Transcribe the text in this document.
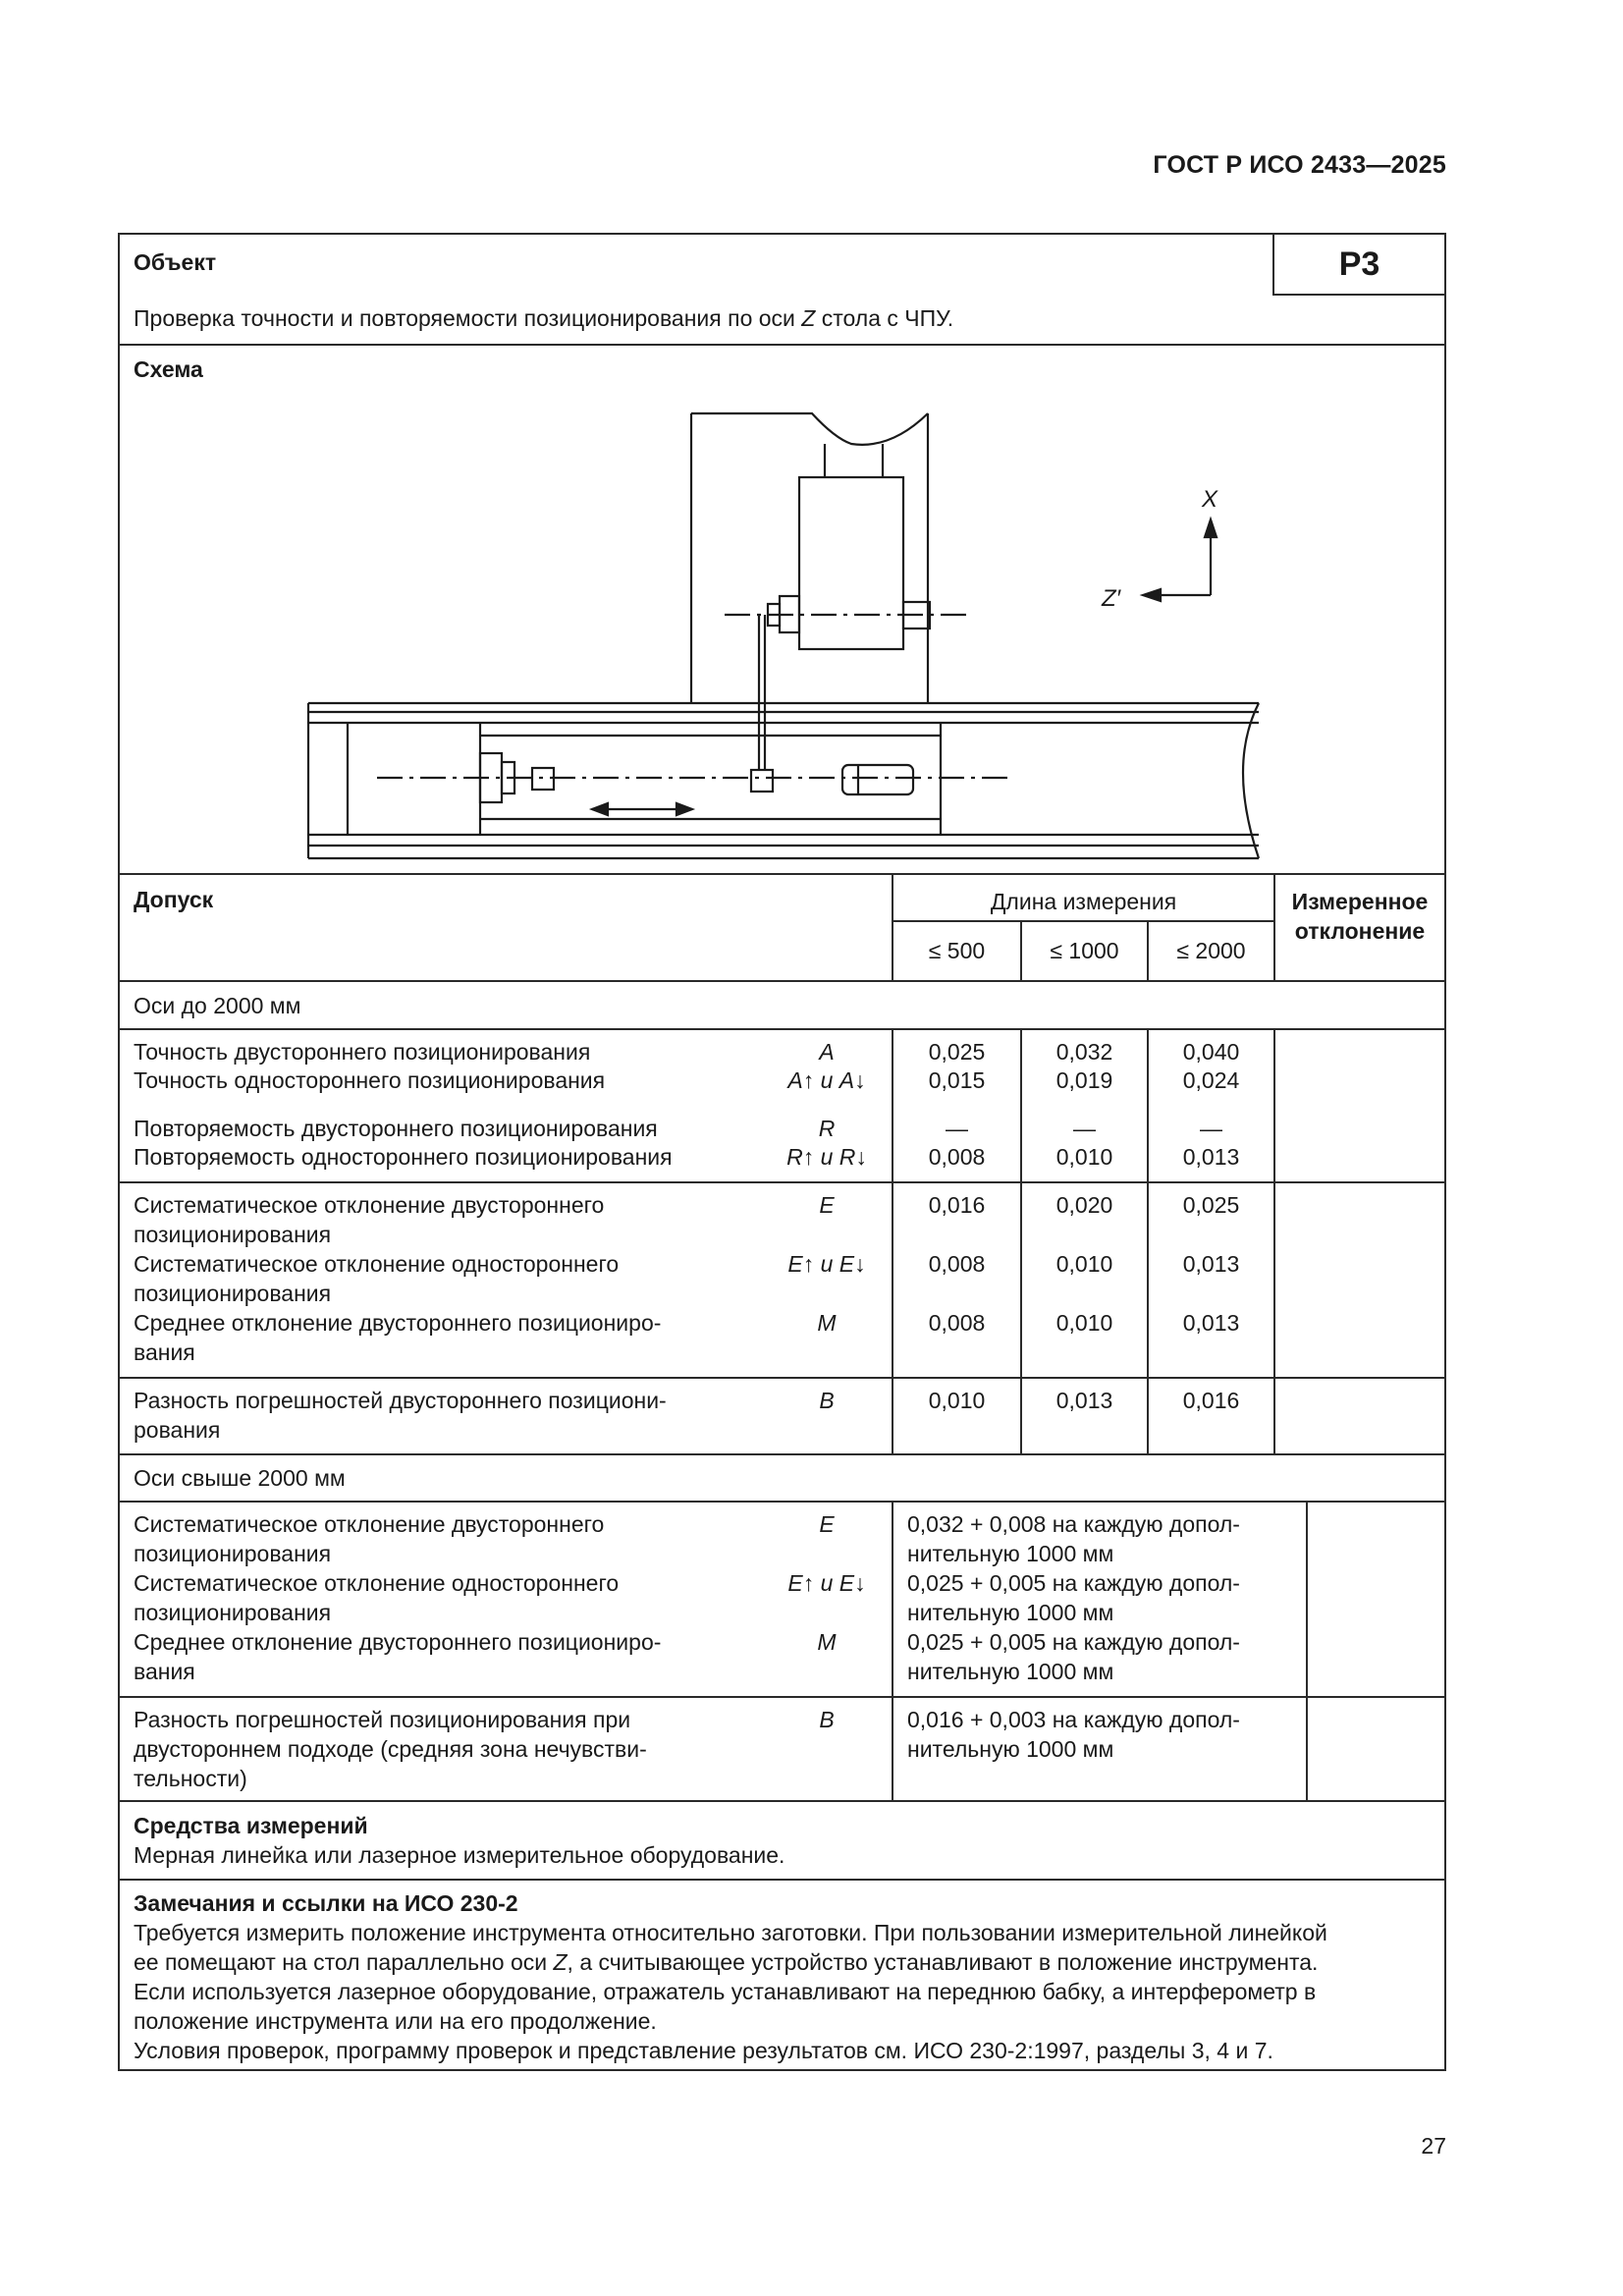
ГОСТ Р ИСО 2433—2025
Объект	P3
Проверка точности и повторяемости позиционирования по оси Z стола с ЧПУ.
Схема
X
Z′
Допуск	Длина измерения
≤ 500	≤ 1000	≤ 2000
Измеренное
отклонение
Оси до 2000 мм
Точность двустороннего позиционирования	A	0,025	0,032	0,040
Точность одностороннего позиционирования	A↑ и A↓	0,015	0,019	0,024
Повторяемость двустороннего позиционирования	R	—	—	—
Повторяемость одностороннего позиционирования	R↑ и R↓	0,008	0,010	0,013
Систематическое отклонение двустороннего
позиционирования
E	0,016	0,020	0,025
Систематическое отклонение одностороннего
позиционирования
E↑ и E↓	0,008	0,010	0,013
Среднее отклонение двустороннего позициониро-
вания
M	0,008	0,010	0,013
Разность погрешностей двустороннего позициони-
рования
B	0,010	0,013	0,016
Оси свыше 2000 мм
Систематическое отклонение двустороннего
позиционирования
E	0,032 + 0,008 на каждую допол-
нительную 1000 мм
Систематическое отклонение одностороннего
позиционирования
E↑ и E↓	0,025 + 0,005 на каждую допол-
нительную 1000 мм
Среднее отклонение двустороннего позициониро-
вания
M	0,025 + 0,005 на каждую допол-
нительную 1000 мм
Разность погрешностей позиционирования при
двустороннем подходе (средняя зона нечувстви-
тельности)
B	0,016 + 0,003 на каждую допол-
нительную 1000 мм
Средства измерений
Мерная линейка или лазерное измерительное оборудование.
Замечания и ссылки на ИСО 230-2
Требуется измерить положение инструмента относительно заготовки. При пользовании измерительной линейкой
ее помещают на стол параллельно оси Z, а считывающее устройство устанавливают в положение инструмента.
Если используется лазерное оборудование, отражатель устанавливают на переднюю бабку, а интерферометр в
положение инструмента или на его продолжение.
Условия проверок, программу проверок и представление результатов см. ИСО 230-2:1997, разделы 3, 4 и 7.
27
